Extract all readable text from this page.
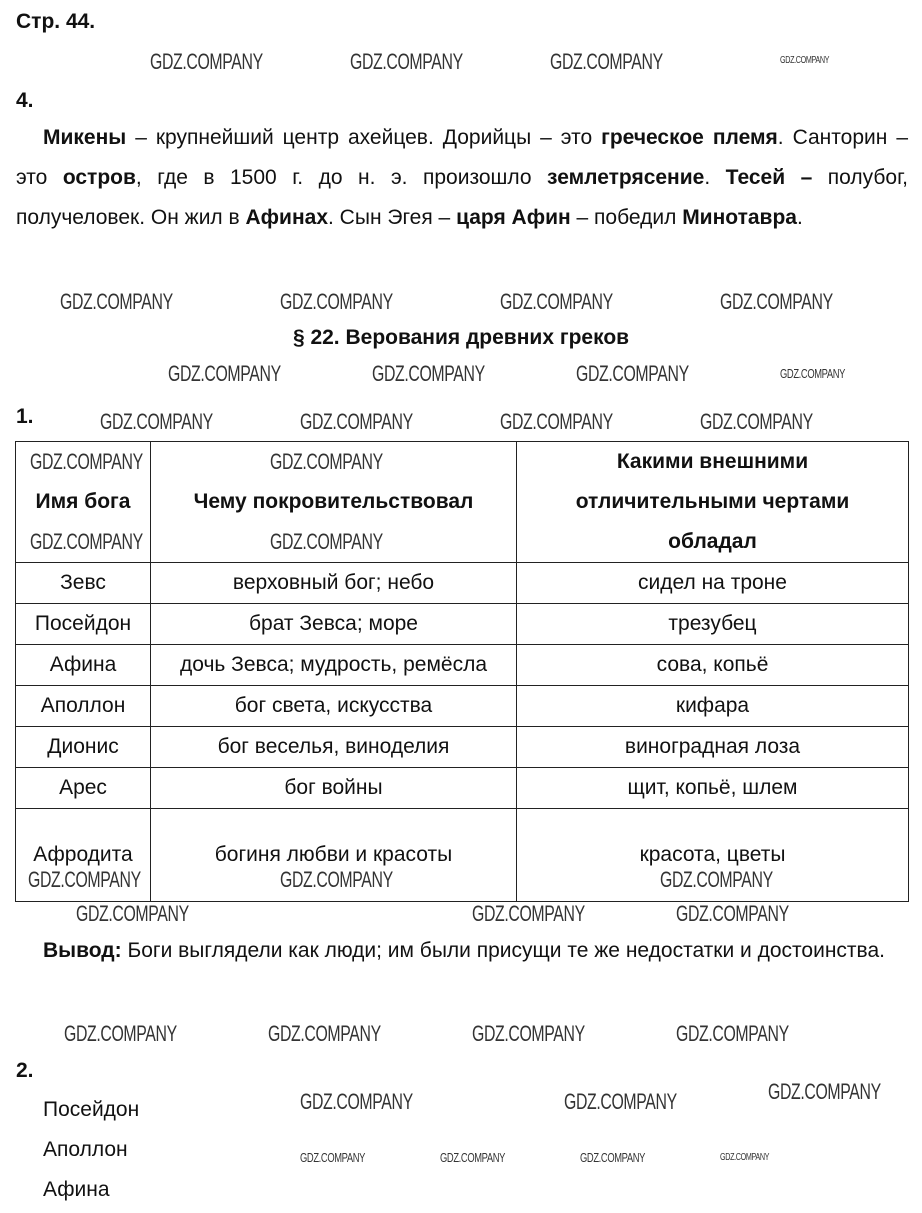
Стр. 44.
4.
Микены – крупнейший центр ахейцев. Дорийцы – это греческое племя. Санторин – это остров, где в 1500 г. до н. э. произошло землетрясение. Тесей – полубог, получеловек. Он жил в Афинах. Сын Эгея – царя Афин – победил Минотавра.
§ 22. Верования древних греков
1.
Имя бога	Чему покровительствовал	Какими внешними отличительными чертами обладал
Зевс	верховный бог; небо	сидел на троне
Посейдон	брат Зевса; море	трезубец
Афина	дочь Зевса; мудрость, ремёсла	сова, копьё
Аполлон	бог света, искусства	кифара
Дионис	бог веселья, виноделия	виноградная лоза
Арес	бог войны	щит, копьё, шлем
Афродита	богиня любви и красоты	красота, цветы
Вывод: Боги выглядели как люди; им были присущи те же недостатки и достоинства.
2.
Посейдон
Аполлон
Афина
GDZ.COMPANY	GDZ.COMPANY	GDZ.COMPANY	GDZ.COMPANY
GDZ.COMPANY	GDZ.COMPANY	GDZ.COMPANY	GDZ.COMPANY
GDZ.COMPANY	GDZ.COMPANY	GDZ.COMPANY	GDZ.COMPANY
GDZ.COMPANY	GDZ.COMPANY	GDZ.COMPANY	GDZ.COMPANY
GDZ.COMPANY
GDZ.COMPANY
GDZ.COMPANY
GDZ.COMPANY
GDZ.COMPANY	GDZ.COMPANY	GDZ.COMPANY
GDZ.COMPANY	GDZ.COMPANY	GDZ.COMPANY
GDZ.COMPANY	GDZ.COMPANY	GDZ.COMPANY	GDZ.COMPANY
GDZ.COMPANY	GDZ.COMPANY	GDZ.COMPANY
GDZ.COMPANY	GDZ.COMPANY	GDZ.COMPANY	GDZ.COMPANY
